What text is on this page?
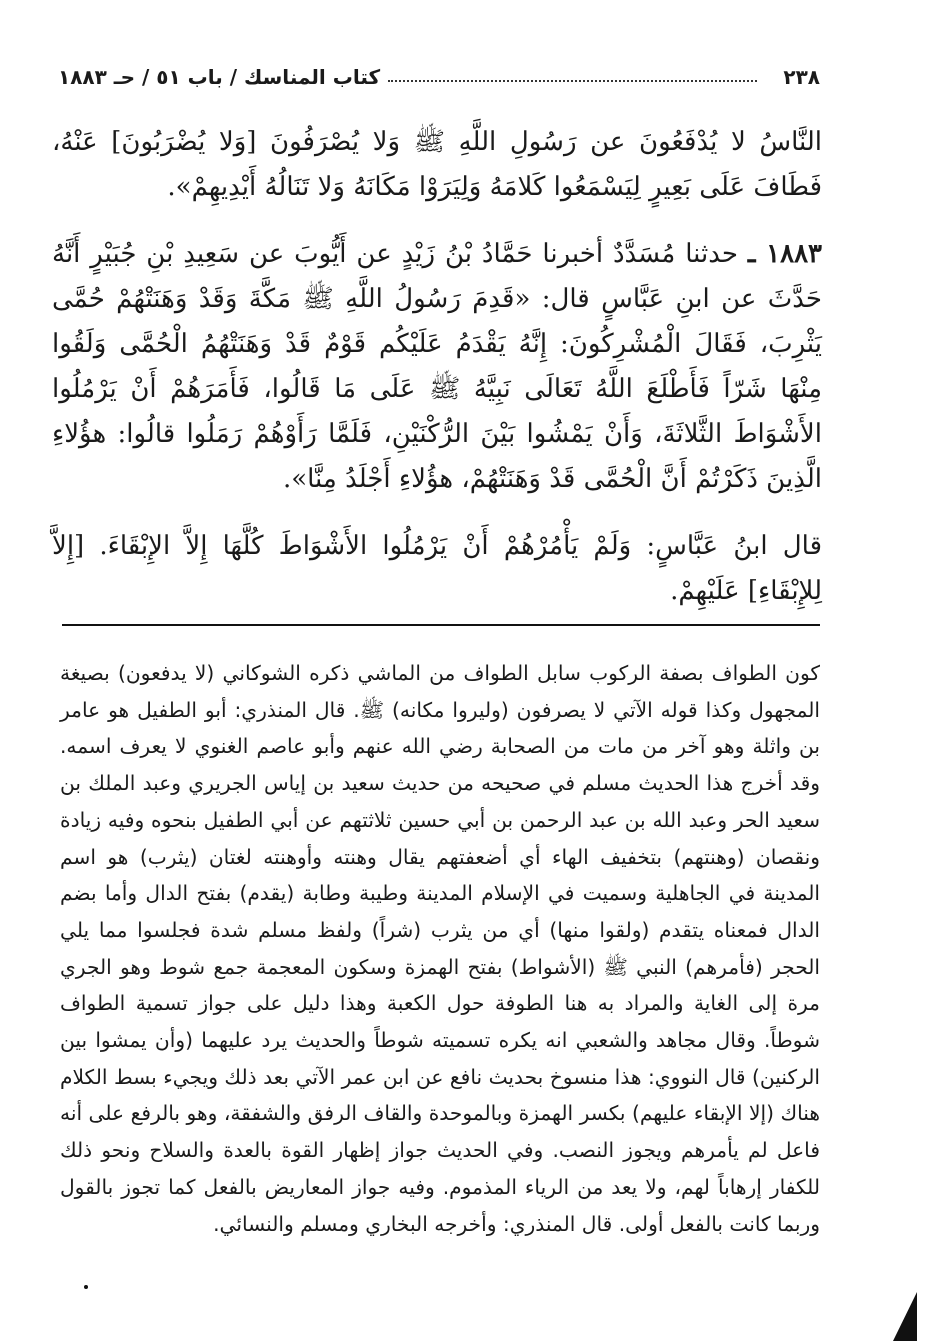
٢٣٨
كتاب المناسك / باب ٥١ / حـ ١٨٨٣

النَّاسُ لا يُدْفَعُونَ عن رَسُولِ اللَّهِ ﷺ وَلا يُصْرَفُونَ [وَلا يُضْرَبُونَ] عَنْهُ، فَطَافَ عَلَى بَعِيرٍ لِيَسْمَعُوا كَلامَهُ وَلِيَرَوْا مَكَانَهُ وَلا تَنَالُهُ أَيْدِيهِمْ».

١٨٨٣ ـ حدثنا مُسَدَّدٌ أخبرنا حَمَّادُ بْنُ زَيْدٍ عن أَيُّوبَ عن سَعِيدِ بْنِ جُبَيْرٍ أَنَّهُ حَدَّثَ عن ابنِ عَبَّاسٍ قال: «قَدِمَ رَسُولُ اللَّهِ ﷺ مَكَّةَ وَقَدْ وَهَنَتْهُمْ حُمَّى يَثْرِبَ، فَقَالَ الْمُشْرِكُونَ: إِنَّهُ يَقْدَمُ عَلَيْكُم قَوْمٌ قَدْ وَهَنَتْهُمُ الْحُمَّى وَلَقُوا مِنْهَا شَرّاً فَأَطْلَعَ اللَّهُ تَعَالَى نَبِيَّهُ ﷺ عَلَى مَا قَالُوا، فَأَمَرَهُمْ أَنْ يَرْمُلُوا الأَشْوَاطَ الثَّلاثَةَ، وَأَنْ يَمْشُوا بَيْنَ الرُّكْنَيْنِ، فَلَمَّا رَأَوْهُمْ رَمَلُوا قالُوا: هؤُلاءِ الَّذِينَ ذَكَرْتُمْ أَنَّ الْحُمَّى قَدْ وَهَنَتْهُمْ، هؤُلاءِ أَجْلَدُ مِنَّا».

قال ابنُ عَبَّاسٍ: وَلَمْ يَأْمُرْهُمْ أَنْ يَرْمُلُوا الأَشْوَاطَ كُلَّهَا إِلاَّ الإِبْقَاءَ. [إِلاَّ لِلإِبْقَاءِ] عَلَيْهِمْ.

كون الطواف بصفة الركوب سابل الطواف من الماشي ذكره الشوكاني (لا يدفعون) بصيغة المجهول وكذا قوله الآتي لا يصرفون (وليروا مكانه) ﷺ. قال المنذري: أبو الطفيل هو عامر بن واثلة وهو آخر من مات من الصحابة رضي الله عنهم وأبو عاصم الغنوي لا يعرف اسمه. وقد أخرج هذا الحديث مسلم في صحيحه من حديث سعيد بن إياس الجريري وعبد الملك بن سعيد الحر وعبد الله بن عبد الرحمن بن أبي حسين ثلاثتهم عن أبي الطفيل بنحوه وفيه زيادة ونقصان (وهنتهم) بتخفيف الهاء أي أضعفتهم يقال وهنته وأوهنته لغتان (يثرب) هو اسم المدينة في الجاهلية وسميت في الإسلام المدينة وطيبة وطابة (يقدم) بفتح الدال وأما بضم الدال فمعناه يتقدم (ولقوا منها) أي من يثرب (شراً) ولفظ مسلم شدة فجلسوا مما يلي الحجر (فأمرهم) النبي ﷺ (الأشواط) بفتح الهمزة وسكون المعجمة جمع شوط وهو الجري مرة إلى الغاية والمراد به هنا الطوفة حول الكعبة وهذا دليل على جواز تسمية الطواف شوطاً. وقال مجاهد والشعبي انه يكره تسميته شوطاً والحديث يرد عليهما (وأن يمشوا بين الركنين) قال النووي: هذا منسوخ بحديث نافع عن ابن عمر الآتي بعد ذلك ويجيء بسط الكلام هناك (إلا الإبقاء عليهم) بكسر الهمزة وبالموحدة والقاف الرفق والشفقة، وهو بالرفع على أنه فاعل لم يأمرهم ويجوز النصب. وفي الحديث جواز إظهار القوة بالعدة والسلاح ونحو ذلك للكفار إرهاباً لهم، ولا يعد من الرياء المذموم. وفيه جواز المعاريض بالفعل كما تجوز بالقول وربما كانت بالفعل أولى. قال المنذري: وأخرجه البخاري ومسلم والنسائي.
